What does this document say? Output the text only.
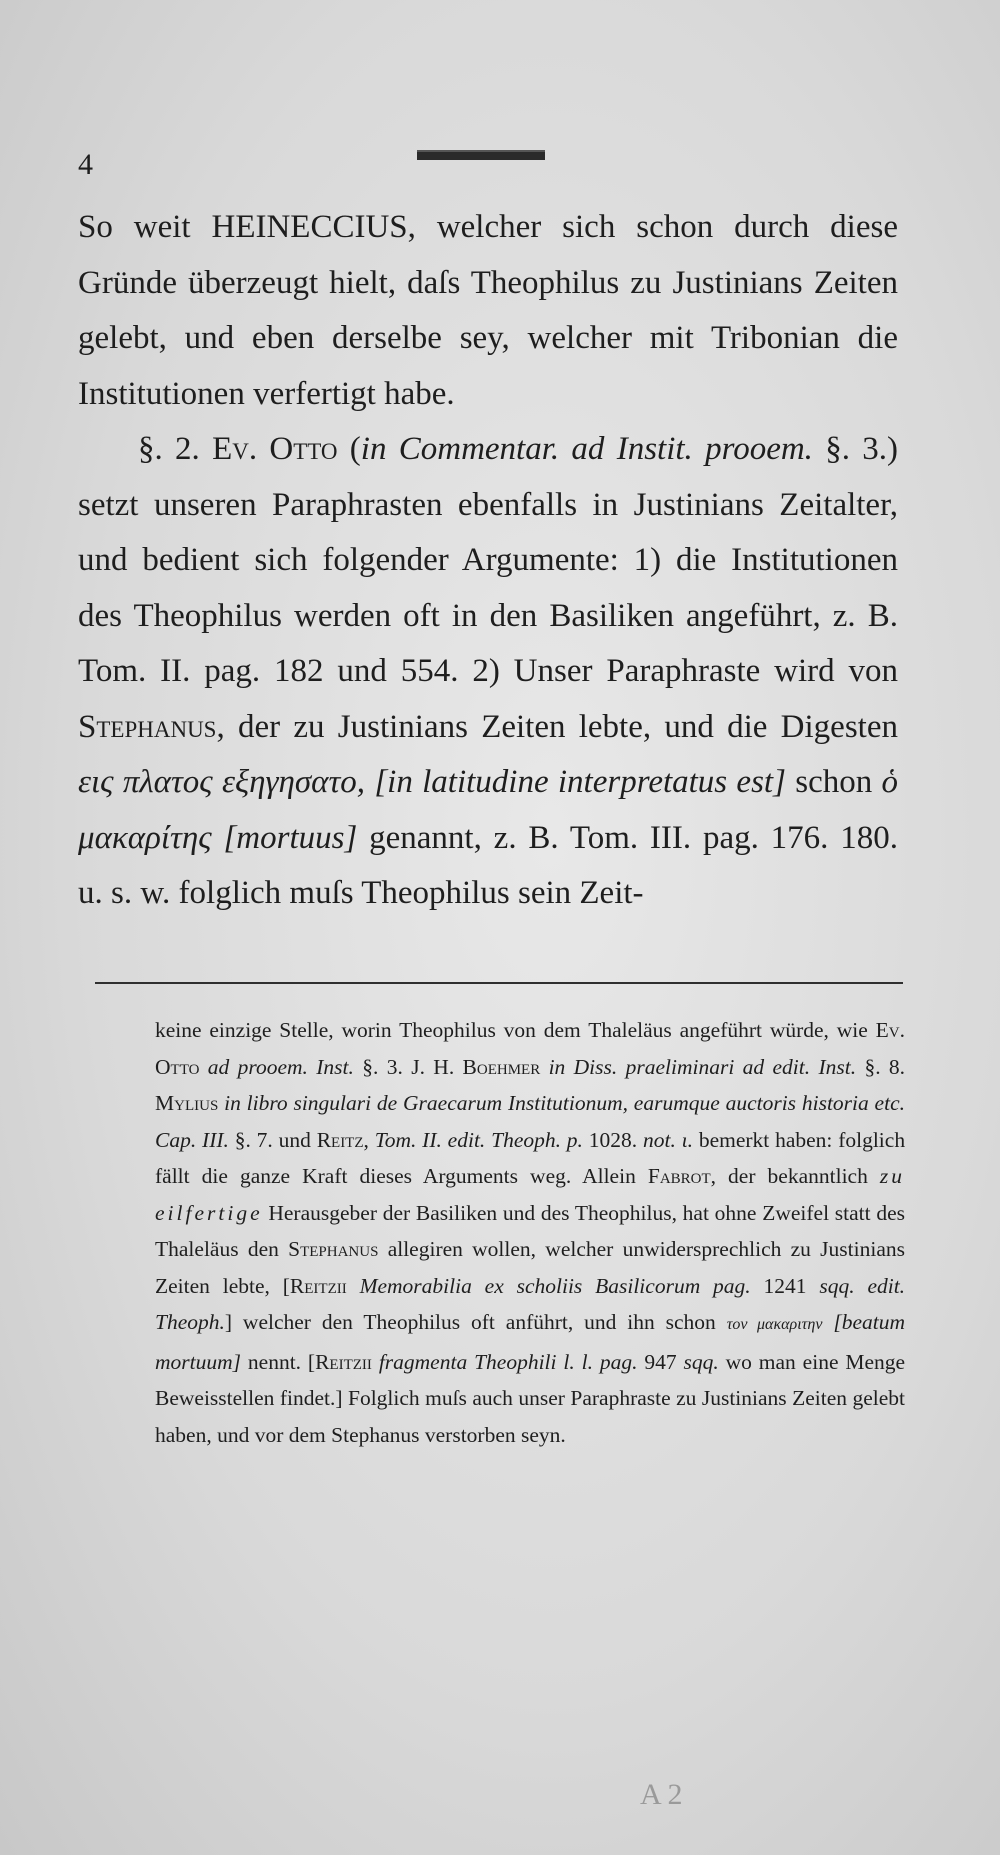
4

So weit HEINECCIUS, welcher sich schon durch diese Gründe überzeugt hielt, daſs Theophilus zu Justinians Zeiten gelebt, und eben derselbe sey, welcher mit Tribonian die Institutionen verfertigt habe.

§. 2. Ev. Otto (in Commentar. ad Instit. prooem. §. 3.) setzt unseren Paraphrasten ebenfalls in Justinians Zeitalter, und bedient sich folgender Argumente: 1) die Institutionen des Theophilus werden oft in den Basiliken angeführt, z. B. Tom. II. pag. 182 und 554. 2) Unser Paraphraste wird von Stephanus, der zu Justinians Zeiten lebte, und die Digesten εις πλατος εξηγησατο, [in latitudine interpretatus est] schon ὁ μακαρίτης [mortuus] genannt, z. B. Tom. III. pag. 176. 180. u. s. w. folglich muſs Theophilus sein Zeit-

keine einzige Stelle, worin Theophilus von dem Thaleläus angeführt würde, wie Ev. Otto ad prooem. Inst. §. 3. J. H. Boehmer in Diss. praeliminari ad edit. Inst. §. 8. Mylius in libro singulari de Graecarum Institutionum, earumque auctoris historia etc. Cap. III. §. 7. und Reitz, Tom. II. edit. Theoph. p. 1028. not. ι. bemerkt haben: folglich fällt die ganze Kraft dieses Arguments weg. Allein Fabrot, der bekanntlich zu eilfertige Herausgeber der Basiliken und des Theophilus, hat ohne Zweifel statt des Thaleläus den Stephanus allegiren wollen, welcher unwidersprechlich zu Justinians Zeiten lebte, [Reitzii Memorabilia ex scholiis Basilicorum pag. 1241 sqq. edit. Theoph.] welcher den Theophilus oft anführt, und ihn schon τον μακαριτην [beatum mortuum] nennt. [Reitzii fragmenta Theophili l. l. pag. 947 sqq. wo man eine Menge Beweisstellen findet.] Folglich muſs auch unser Paraphraste zu Justinians Zeiten gelebt haben, und vor dem Stephanus verstorben seyn.

A 2
